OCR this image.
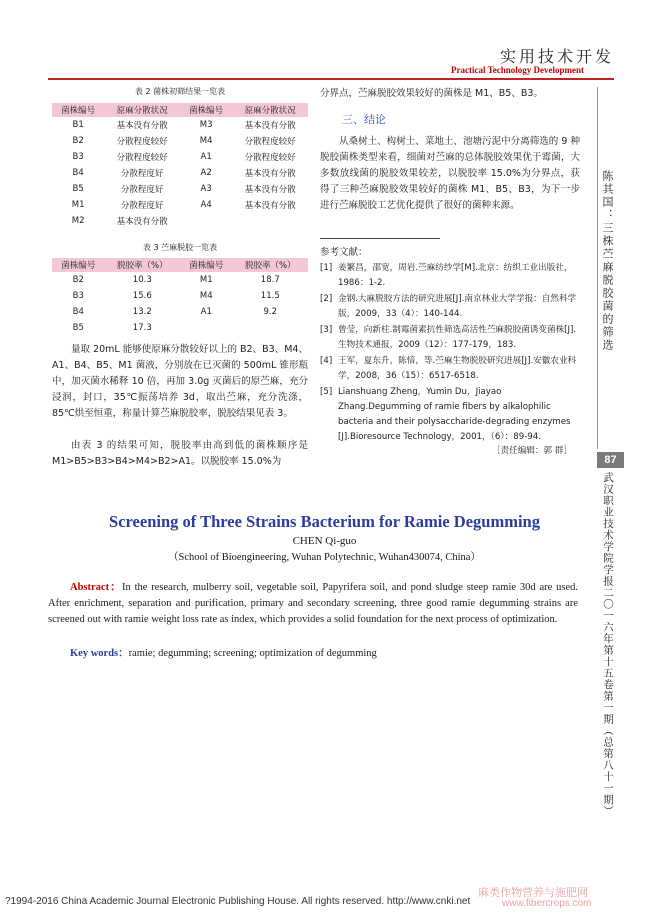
实用技术开发
Practical Technology Development
陈其国：三株苎麻脱胶菌的筛选
87
武汉职业技术学院学报二〇一六年第十五卷第一期（总第八十一期）
表 2 菌株初筛结果一览表
菌株编号	原麻分散状况	菌株编号	原麻分散状况
B1	基本没有分散	M3	基本没有分散
B2	分散程度较好	M4	分散程度较好
B3	分散程度较好	A1	分散程度较好
B4	分散程度好	A2	基本没有分散
B5	分散程度好	A3	基本没有分散
M1	分散程度好	A4	基本没有分散
M2	基本没有分散		
表 3 苎麻脱胶一览表
菌株编号	脱胶率（%）	菌株编号	脱胶率（%）
B2	10.3	M1	18.7
B3	15.6	M4	11.5
B4	13.2	A1	9.2
B5	17.3		
量取 20mL 能够使原麻分散较好以上的 B2、B3、M4、A1、B4、B5、M1 菌液，分别放在已灭菌的 500mL 锥形瓶中，加灭菌水稀释 10 倍，再加 3.0g 灭菌后的原苎麻，充分浸润，封口，35℃振荡培养 3d，取出苎麻，充分洗涤，85℃烘至恒重，称量计算苎麻脱胶率，脱胶结果见表 3。
由表 3 的结果可知，脱胶率由高到低的菌株顺序是 M1>B5>B3>B4>M4>B2>A1。以脱胶率 15.0%为
分界点，苎麻脱胶效果较好的菌株是 M1、B5、B3。
三、结论
从桑树土、构树土、菜地土、池塘污泥中分离筛选的 9 种脱胶菌株类型来看，细菌对苎麻的总体脱胶效果优于霉菌，大多数放线菌的脱胶效果较差，以脱胶率 15.0%为分界点，获得了三种苎麻脱胶效果较好的菌株 M1、B5、B3，为下一步进行苎麻脱胶工艺优化提供了很好的菌种来源。
参考文献：
[1] 姜繁昌，邵宽，周岩.苎麻纺纱学[M].北京：纺织工业出版社，1986：1-2.
[2] 金钢.大麻脱胶方法的研究进展[J].南京林业大学学报：自然科学版，2009，33（4）：140-144.
[3] 曾莹，向新柱.制霉菌素抗性筛选高活性苎麻脱胶菌诱变菌株[J].生物技术通报，2009（12）：177-179，183.
[4] 王军，夏东升，陈愔，等.苎麻生物脱胶研究进展[J].安徽农业科学，2008，36（15）：6517-6518.
[5] Lianshuang Zheng，Yumin Du，Jiayao Zhang.Degumming of ramie fibers by alkalophilic bacteria and their polysaccharide-degrading enzymes [J].Bioresource Technology，2001，（6）：89-94.
［责任编辑：郭 群］
Screening of Three Strains Bacterium for Ramie Degumming
CHEN Qi-guo
（School of Bioengineering, Wuhan Polytechnic, Wuhan430074, China）
Abstract：In the research, mulberry soil, vegetable soil, Papyrifera soil, and pond sludge steep ramie 30d are used. After enrichment, separation and purification, primary and secondary screening, three good ramie degumming strains are screened out with ramie weight loss rate as index, which provides a solid foundation for the next process of optimization.
Key words：ramie; degumming; screening; optimization of degumming
?1994-2016 China Academic Journal Electronic Publishing House. All rights reserved. http://www.cnki.net
麻类作物营养与施肥网
www.fibercrops.com
